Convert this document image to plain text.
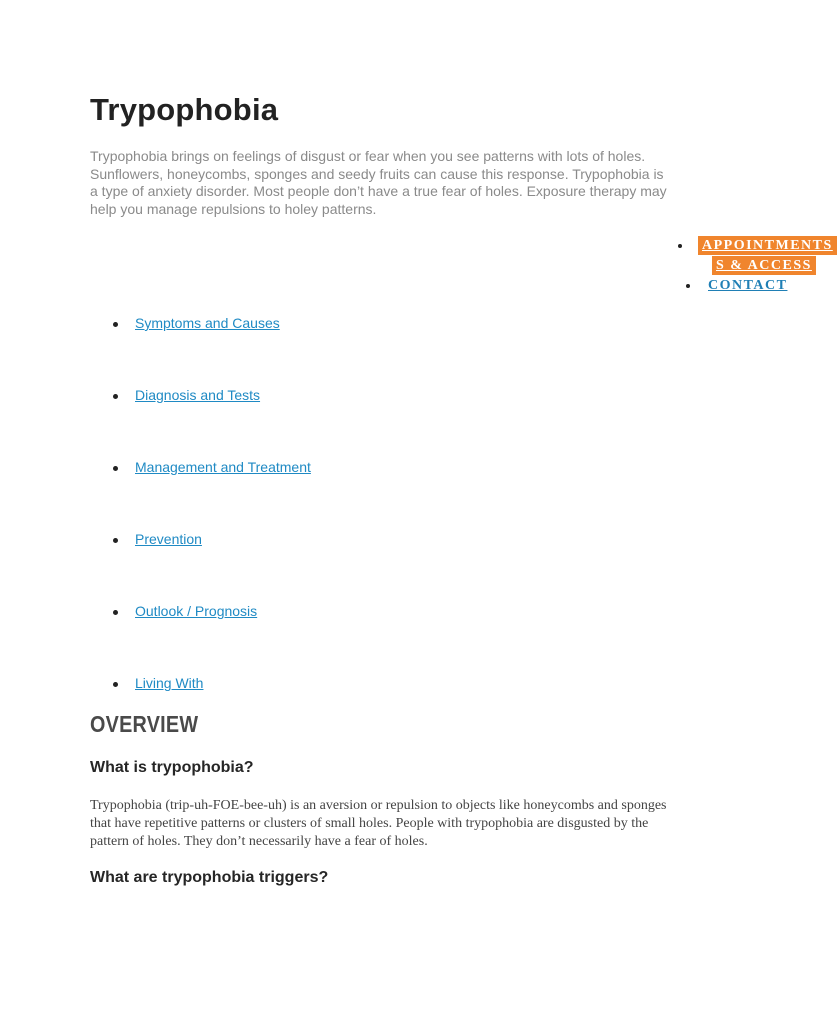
Trypophobia

Trypophobia brings on feelings of disgust or fear when you see patterns with lots of holes. Sunflowers, honeycombs, sponges and seedy fruits can cause this response. Trypophobia is a type of anxiety disorder. Most people don’t have a true fear of holes. Exposure therapy may help you manage repulsions to holey patterns.

APPOINTMENTS
S & ACCESS
CONTACT
Symptoms and Causes
Diagnosis and Tests
Management and Treatment
Prevention
Outlook / Prognosis
Living With
OVERVIEW
What is trypophobia?

Trypophobia (trip-uh-FOE-bee-uh) is an aversion or repulsion to objects like honeycombs and sponges that have repetitive patterns or clusters of small holes. People with trypophobia are disgusted by the pattern of holes. They don’t necessarily have a fear of holes.

What are trypophobia triggers?
